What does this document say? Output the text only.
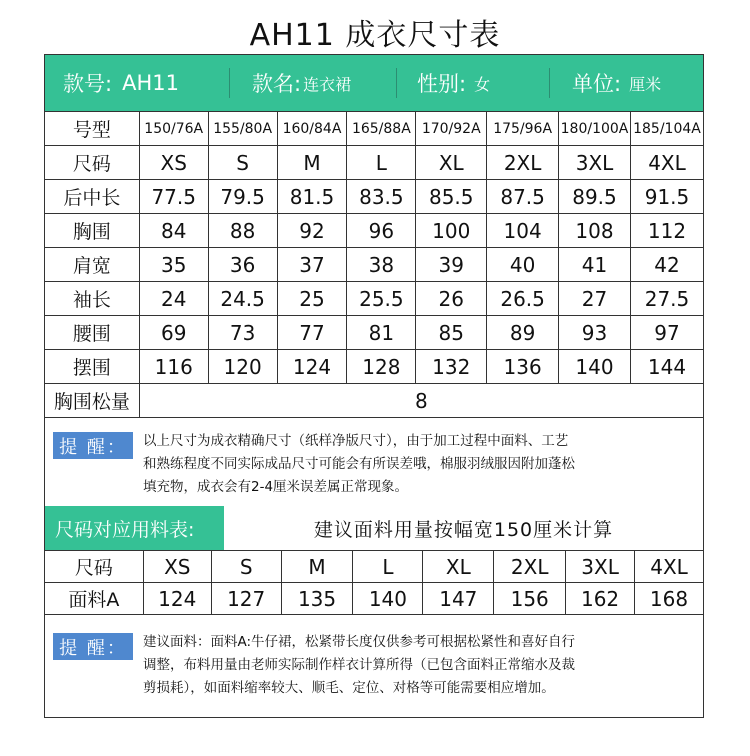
AH11 成衣尺寸表
款号: AH11	款名: 连衣裙	性别: 女	单位: 厘米
号型	150/76A	155/80A	160/84A	165/88A	170/92A	175/96A	180/100A	185/104A
尺码	XS	S	M	L	XL	2XL	3XL	4XL
后中长	77.5	79.5	81.5	83.5	85.5	87.5	89.5	91.5
胸围	84	88	92	96	100	104	108	112
肩宽	35	36	37	38	39	40	41	42
袖长	24	24.5	25	25.5	26	26.5	27	27.5
腰围	69	73	77	81	85	89	93	97
摆围	116	120	124	128	132	136	140	144
胸围松量	8							
提 醒：	以上尺寸为成衣精确尺寸（纸样净版尺寸），由于加工过程中面料、工艺
和熟练程度不同实际成品尺寸可能会有所误差哦，棉服羽绒服因附加蓬松
填充物，成衣会有2-4厘米误差属正常现象。
尺码对应用料表:	建议面料用量按幅宽150厘米计算
尺码	XS	S	M	L	XL	2XL	3XL	4XL
面料A	124	127	135	140	147	156	162	168
提 醒：	建议面料：面料A:牛仔裙，松紧带长度仅供参考可根据松紧性和喜好自行
调整，布料用量由老师实际制作样衣计算所得（已包含面料正常缩水及裁
剪损耗），如面料缩率较大、顺毛、定位、对格等可能需要相应增加。
